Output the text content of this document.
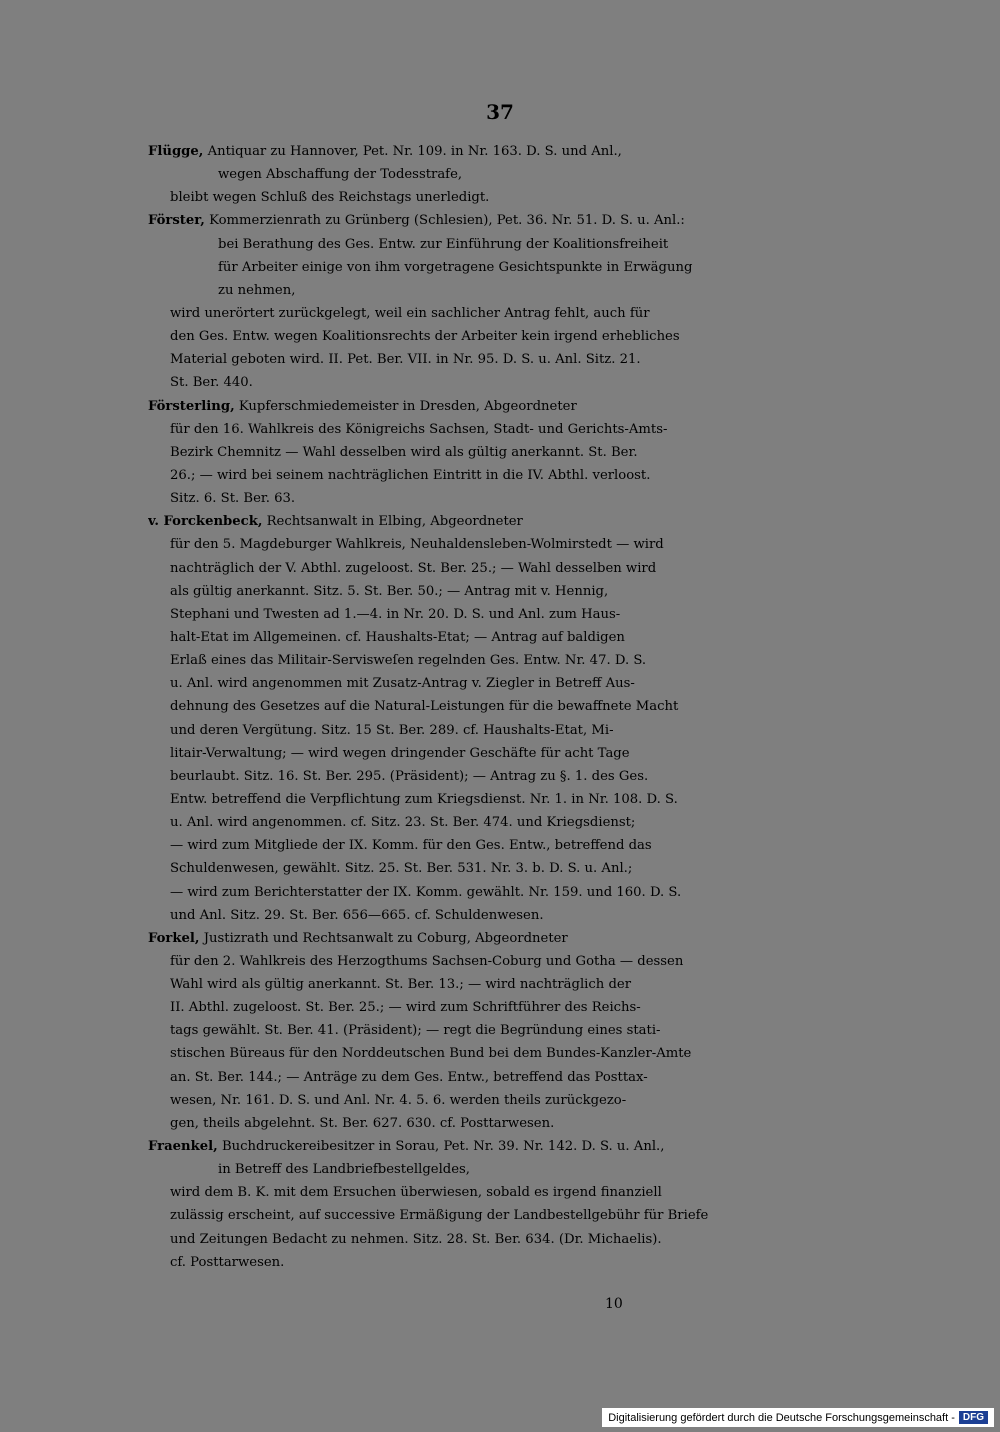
37
Flügge, Antiquar zu Hannover, Pet. Nr. 109. in Nr. 163. D. S. und Anl.,
wegen Abschaffung der Todesstrafe,
bleibt wegen Schluß des Reichstags unerledigt.
Förster, Kommerzienrath zu Grünberg (Schlesien), Pet. 36. Nr. 51. D. S. u. Anl.:
bei Berathung des Ges. Entw. zur Einführung der Koalitionsfreiheit
für Arbeiter einige von ihm vorgetragene Gesichtspunkte in Erwägung
zu nehmen,
wird unerörtert zurückgelegt, weil ein sachlicher Antrag fehlt, auch für
den Ges. Entw. wegen Koalitionsrechts der Arbeiter kein irgend erhebliches
Material geboten wird. II. Pet. Ber. VII. in Nr. 95. D. S. u. Anl. Sitz. 21.
St. Ber. 440.
Försterling, Kupferschmiedemeister in Dresden, Abgeordneter
für den 16. Wahlkreis des Königreichs Sachsen, Stadt- und Gerichts-Amts-
Bezirk Chemnitz — Wahl desselben wird als gültig anerkannt. St. Ber.
26.; — wird bei seinem nachträglichen Eintritt in die IV. Abthl. verloost.
Sitz. 6. St. Ber. 63.
v. Forckenbeck, Rechtsanwalt in Elbing, Abgeordneter
für den 5. Magdeburger Wahlkreis, Neuhaldensleben-Wolmirstedt — wird
nachträglich der V. Abthl. zugeloost. St. Ber. 25.; — Wahl desselben wird
als gültig anerkannt. Sitz. 5. St. Ber. 50.; — Antrag mit v. Hennig,
Stephani und Twesten ad 1.—4. in Nr. 20. D. S. und Anl. zum Haus-
halt-Etat im Allgemeinen. cf. Haushalts-Etat; — Antrag auf baldigen
Erlaß eines das Militair-Servisweſen regelnden Ges. Entw. Nr. 47. D. S.
u. Anl. wird angenommen mit Zusatz-Antrag v. Ziegler in Betreff Aus-
dehnung des Gesetzes auf die Natural-Leistungen für die bewaffnete Macht
und deren Vergütung. Sitz. 15 St. Ber. 289. cf. Haushalts-Etat, Mi-
litair-Verwaltung; — wird wegen dringender Geschäfte für acht Tage
beurlaubt. Sitz. 16. St. Ber. 295. (Präsident); — Antrag zu §. 1. des Ges.
Entw. betreffend die Verpflichtung zum Kriegsdienst. Nr. 1. in Nr. 108. D. S.
u. Anl. wird angenommen. cf. Sitz. 23. St. Ber. 474. und Kriegsdienst;
— wird zum Mitgliede der IX. Komm. für den Ges. Entw., betreffend das
Schuldenwesen, gewählt. Sitz. 25. St. Ber. 531. Nr. 3. b. D. S. u. Anl.;
— wird zum Berichterstatter der IX. Komm. gewählt. Nr. 159. und 160. D. S.
und Anl. Sitz. 29. St. Ber. 656—665. cf. Schuldenwesen.
Forkel, Justizrath und Rechtsanwalt zu Coburg, Abgeordneter
für den 2. Wahlkreis des Herzogthums Sachsen-Coburg und Gotha — dessen
Wahl wird als gültig anerkannt. St. Ber. 13.; — wird nachträglich der
II. Abthl. zugeloost. St. Ber. 25.; — wird zum Schriftführer des Reichs-
tags gewählt. St. Ber. 41. (Präsident); — regt die Begründung eines stati-
stischen Büreaus für den Norddeutschen Bund bei dem Bundes-Kanzler-Amte
an. St. Ber. 144.; — Anträge zu dem Ges. Entw., betreffend das Posttax-
wesen, Nr. 161. D. S. und Anl. Nr. 4. 5. 6. werden theils zurückgezo-
gen, theils abgelehnt. St. Ber. 627. 630. cf. Posttarwesen.
Fraenkel, Buchdruckereibesitzer in Sorau, Pet. Nr. 39. Nr. 142. D. S. u. Anl.,
in Betreff des Landbriefbestellgeldes,
wird dem B. K. mit dem Ersuchen überwiesen, sobald es irgend finanziell
zulässig erscheint, auf successive Ermäßigung der Landbestellgebühr für Briefe
und Zeitungen Bedacht zu nehmen. Sitz. 28. St. Ber. 634. (Dr. Michaelis).
cf. Posttarwesen.
10
Digitalisierung gefördert durch die Deutsche Forschungsgemeinschaft - DFG
